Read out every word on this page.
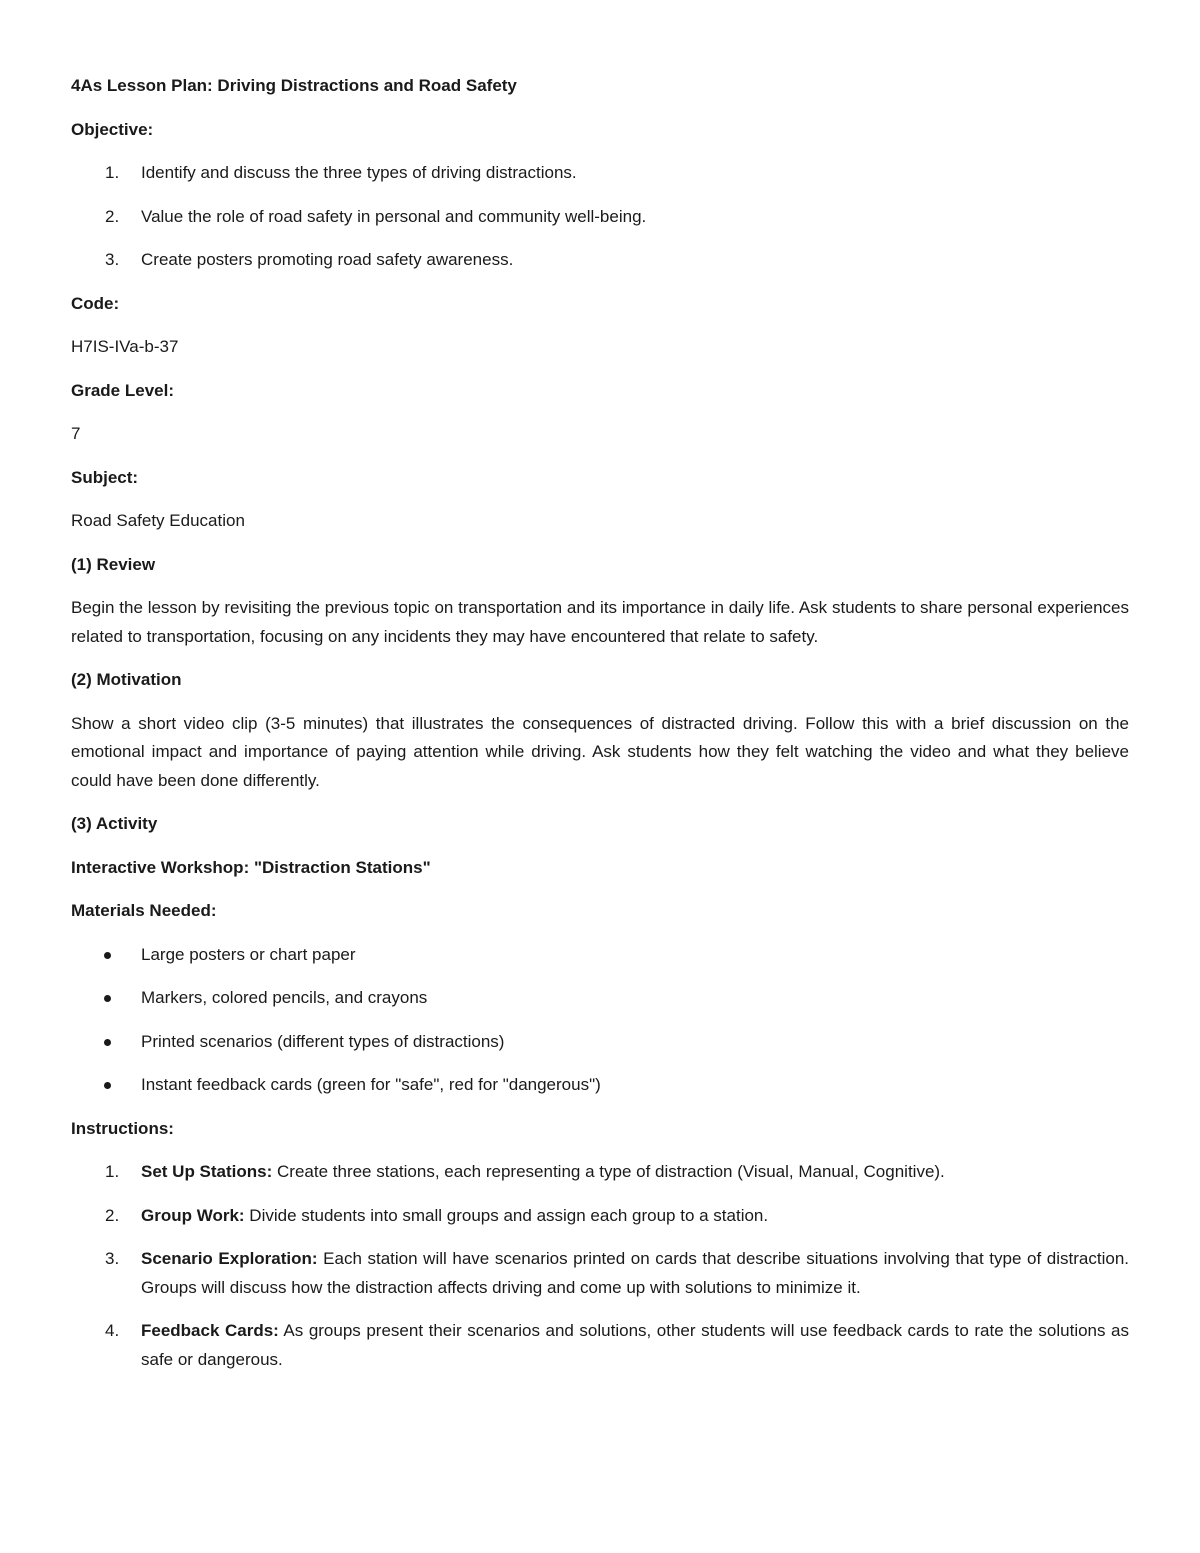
4As Lesson Plan: Driving Distractions and Road Safety
Objective:
1.	Identify and discuss the three types of driving distractions.
2.	Value the role of road safety in personal and community well-being.
3.	Create posters promoting road safety awareness.
Code:
H7IS-IVa-b-37
Grade Level:
7
Subject:
Road Safety Education
(1) Review
Begin the lesson by revisiting the previous topic on transportation and its importance in daily life. Ask students to share personal experiences related to transportation, focusing on any incidents they may have encountered that relate to safety.
(2) Motivation
Show a short video clip (3-5 minutes) that illustrates the consequences of distracted driving. Follow this with a brief discussion on the emotional impact and importance of paying attention while driving. Ask students how they felt watching the video and what they believe could have been done differently.
(3) Activity
Interactive Workshop: "Distraction Stations"
Materials Needed:
Large posters or chart paper
Markers, colored pencils, and crayons
Printed scenarios (different types of distractions)
Instant feedback cards (green for "safe", red for "dangerous")
Instructions:
1.	Set Up Stations: Create three stations, each representing a type of distraction (Visual, Manual, Cognitive).
2.	Group Work: Divide students into small groups and assign each group to a station.
3.	Scenario Exploration: Each station will have scenarios printed on cards that describe situations involving that type of distraction. Groups will discuss how the distraction affects driving and come up with solutions to minimize it.
4.	Feedback Cards: As groups present their scenarios and solutions, other students will use feedback cards to rate the solutions as safe or dangerous.
